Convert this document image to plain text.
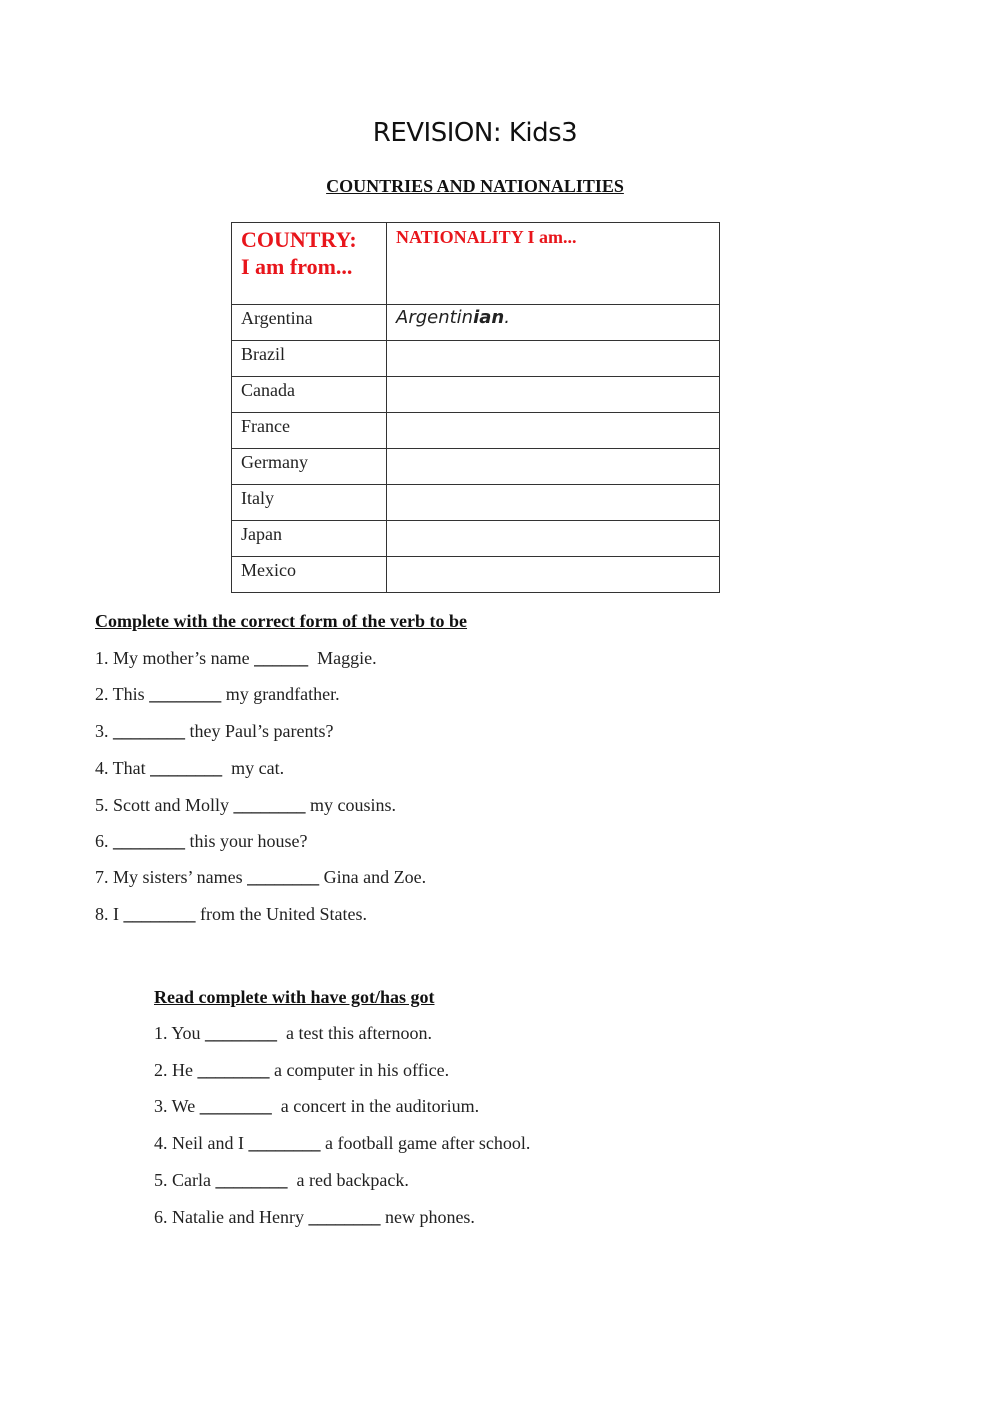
REVISION: Kids3
COUNTRIES AND NATIONALITIES
COUNTRY:
I am from...	NATIONALITY I am...
Argentina	Argentinian.
Brazil	
Canada	
France	
Germany	
Italy	
Japan	
Mexico	
Complete with the correct form of the verb to be
1. My mother’s name ______  Maggie.
2. This ________ my grandfather.
3. ________ they Paul’s parents?
4. That ________  my cat.
5. Scott and Molly ________ my cousins.
6. ________ this your house?
7. My sisters’ names ________ Gina and Zoe.
8. I ________ from the United States.
Read complete with have got/has got
1. You ________  a test this afternoon.
2. He ________ a computer in his office.
3. We ________  a concert in the auditorium.
4. Neil and I ________ a football game after school.
5. Carla ________  a red backpack.
6. Natalie and Henry ________ new phones.
